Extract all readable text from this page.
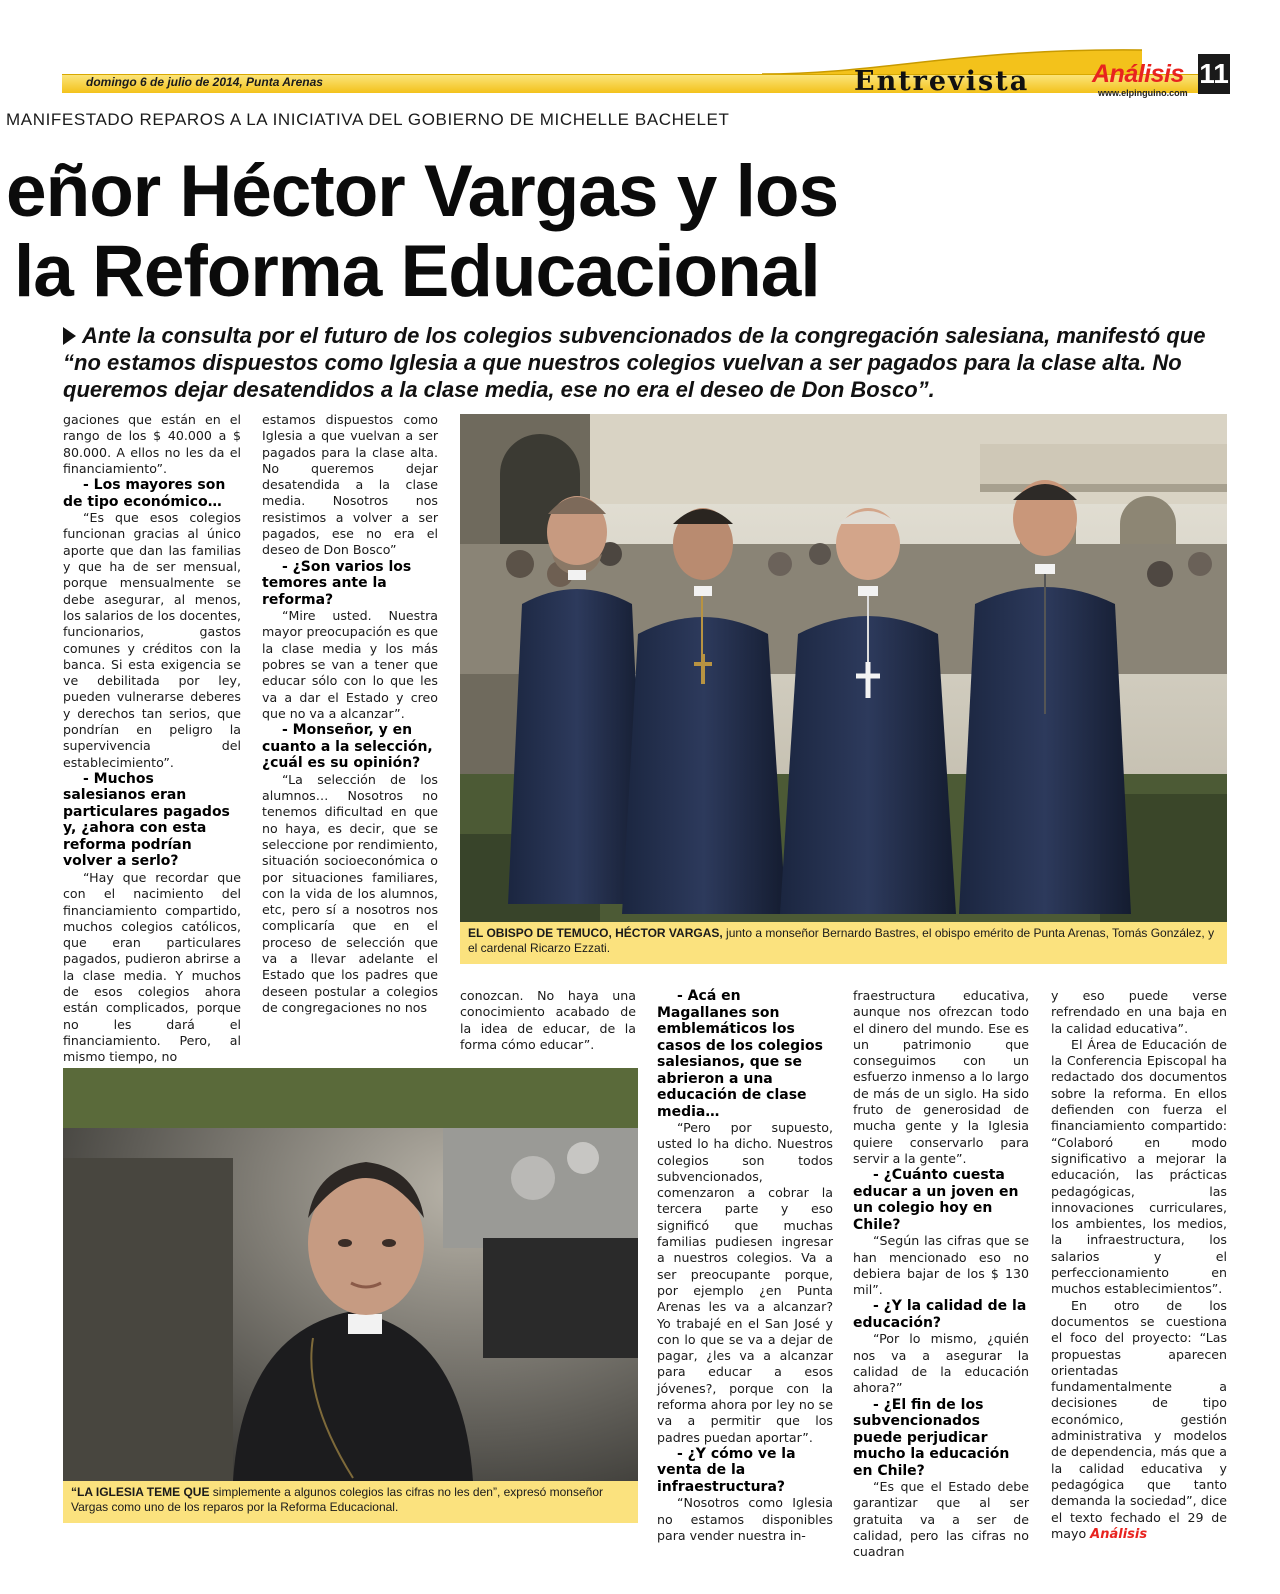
domingo 6 de julio de 2014, Punta Arenas	Entrevista	Análisis
www.elpinguino.com
11
MANIFESTADO REPAROS A LA INICIATIVA DEL GOBIERNO DE MICHELLE BACHELET
eñor Héctor Vargas y los
la Reforma Educacional

Ante la consulta por el futuro de los colegios subvencionados de la congregación salesiana, manifestó que “no estamos dispuestos como Iglesia a que nuestros colegios vuelvan a ser pagados para la clase alta. No queremos dejar desatendidos a la clase media, ese no era el deseo de Don Bosco”.

gaciones que están en el rango de los $ 40.000 a $ 80.000. A ellos no les da el financiamiento”.

- Los mayores son de tipo económico…

“Es que esos colegios funcionan gracias al único aporte que dan las familias y que ha de ser mensual, porque mensualmente se debe asegurar, al menos, los salarios de los docentes, funcionarios, gastos comunes y créditos con la banca. Si esta exigencia se ve debilitada por ley, pueden vulnerarse deberes y derechos tan serios, que pondrían en peligro la supervivencia del establecimiento”.

- Muchos salesianos eran particulares pagados y, ¿ahora con esta reforma podrían volver a serlo?

“Hay que recordar que con el nacimiento del financiamiento compartido, muchos colegios católicos, que eran particulares pagados, pudieron abrirse a la clase media. Y muchos de esos colegios ahora están complicados, porque no les dará el financiamiento. Pero, al mismo tiempo, no

estamos dispuestos como Iglesia a que vuelvan a ser pagados para la clase alta. No queremos dejar desatendida a la clase media. Nosotros nos resistimos a volver a ser pagados, ese no era el deseo de Don Bosco”

- ¿Son varios los temores ante la reforma?

“Mire usted. Nuestra mayor preocupación es que la clase media y los más pobres se van a tener que educar sólo con lo que les va a dar el Estado y creo que no va a alcanzar”.

- Monseñor, y en cuanto a la selección, ¿cuál es su opinión?

“La selección de los alumnos… Nosotros no tenemos dificultad en que no haya, es decir, que se seleccione por rendimiento, situación socioeconómica o por situaciones familiares, con la vida de los alumnos, etc, pero sí a nosotros nos complicaría que en el proceso de selección que va a llevar adelante el Estado que los padres que deseen postular a colegios de congregaciones no nos

EL OBISPO DE TEMUCO, HÉCTOR VARGAS, junto a monseñor Bernardo Bastres, el obispo emérito de Punta Arenas, Tomás González, y el cardenal Ricarzo Ezzati.

conozcan. No haya una conocimiento acabado de la idea de educar, de la forma cómo educar”.

- Acá en Magallanes son emblemáticos los casos de los colegios salesianos, que se abrieron a una educación de clase media…

“Pero por supuesto, usted lo ha dicho. Nuestros colegios son todos subvencionados, comenzaron a cobrar la tercera parte y eso significó que muchas familias pudiesen ingresar a nuestros colegios. Va a ser preocupante porque, por ejemplo ¿en Punta Arenas les va a alcanzar? Yo trabajé en el San José y con lo que se va a dejar de pagar, ¿les va a alcanzar para educar a esos jóvenes?, porque con la reforma ahora por ley no se va a permitir que los padres puedan aportar”.

- ¿Y cómo ve la venta de la infraestructura?

“Nosotros como Iglesia no estamos disponibles para vender nuestra in-

fraestructura educativa, aunque nos ofrezcan todo el dinero del mundo. Ese es un patrimonio que conseguimos con un esfuerzo inmenso a lo largo de más de un siglo. Ha sido fruto de generosidad de mucha gente y la Iglesia quiere conservarlo para servir a la gente”.

- ¿Cuánto cuesta educar a un joven en un colegio hoy en Chile?

“Según las cifras que se han mencionado eso no debiera bajar de los $ 130 mil”.

- ¿Y la calidad de la educación?

“Por lo mismo, ¿quién nos va a asegurar la calidad de la educación ahora?”

- ¿El fin de los subvencionados puede perjudicar mucho la educación en Chile?

“Es que el Estado debe garantizar que al ser gratuita va a ser de calidad, pero las cifras no cuadran

y eso puede verse refrendado en una baja en la calidad educativa”.

El Área de Educación de la Conferencia Episcopal ha redactado dos documentos sobre la reforma. En ellos defienden con fuerza el financiamiento compartido: “Colaboró en modo significativo a mejorar la educación, las prácticas pedagógicas, las innovaciones curriculares, los ambientes, los medios, la infraestructura, los salarios y el perfeccionamiento en muchos establecimientos”.

En otro de los documentos se cuestiona el foco del proyecto: “Las propuestas aparecen orientadas fundamentalmente a decisiones de tipo económico, gestión administrativa y modelos de dependencia, más que a la calidad educativa y pedagógica que tanto demanda la sociedad”, dice el texto fechado el 29 de mayo Análisis

“LA IGLESIA TEME QUE simplemente a algunos colegios las cifras no les den”, expresó monseñor Vargas como uno de los reparos por la Reforma Educacional.
